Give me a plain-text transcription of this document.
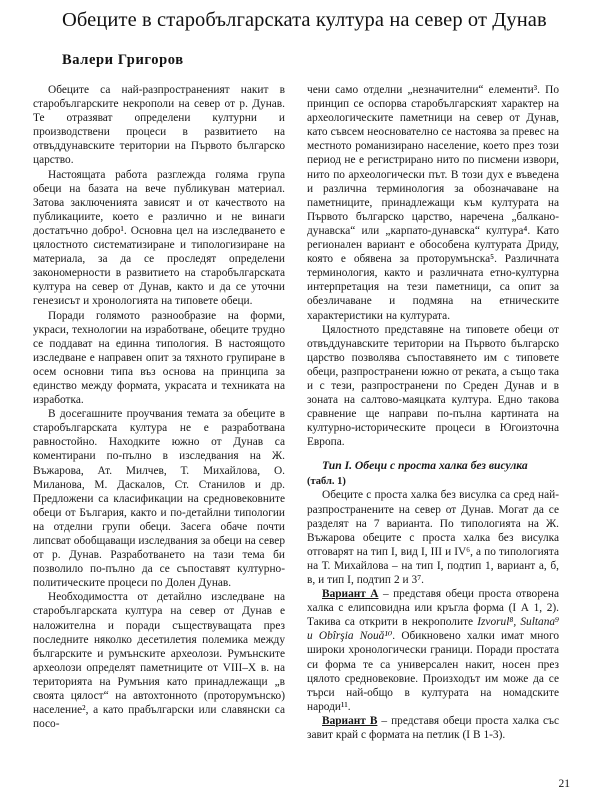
Обеците в старобългарската култура на север от Дунав
Валери Григоров

Обеците са най-разпространеният накит в старобългарските некрополи на север от р. Дунав. Те отразяват определени културни и производствени процеси в развитието на отвъддунавските територии на Първото българско царство.

Настоящата работа разглежда голяма група обеци на базата на вече публикуван материал. Затова заключенията зависят и от качеството на публикациите, което е различно и не винаги достатъчно добро¹. Основна цел на изследването е цялостното систематизиране и типологизиране на материала, за да се проследят определени закономерности в развитието на старобългарската култура на север от Дунав, както и да се уточни генезисът и хронологията на типовете обеци.

Поради голямото разнообразие на форми, украси, технологии на изработване, обеците трудно се поддават на единна типология. В настоящото изследване е направен опит за тяхното групиране в осем основни типа въз основа на принципа за единство между формата, украсата и техниката на изработка.

В досегашните проучвания темата за обеците в старобългарската култура не е разработвана равностойно. Находките южно от Дунав са коментирани по-пълно в изследвания на Ж. Въжарова, Ат. Милчев, Т. Михайлова, О. Миланова, М. Даскалов, Ст. Станилов и др. Предложени са класификации на средновековните обеци от България, както и по-детайлни типологии на отделни групи обеци. Засега обаче почти липсват обобщаващи изследвания за обеци на север от р. Дунав. Разработването на тази тема би позволило по-пълно да се съпоставят културно-политическите процеси по Долен Дунав.

Необходимостта от детайлно изследване на старобългарската култура на север от Дунав е наложителна и поради съществуващата през последните няколко десетилетия полемика между българските и румънските археолози. Румънските археолози определят паметниците от VIII–X в. на територията на Румъния като принадлежащи „в своята цялост“ на автохтонното (проторумънско) население², а като прабългарски или славянски са посо-

чени само отделни „незначителни“ елементи³. По принцип се оспорва старобългарският характер на археологическите паметници на север от Дунав, като съвсем неоснователно се настоява за превес на местното романизирано население, което през този период не е регистрирано нито по писмени извори, нито по археологически път. В този дух е въведена и различна терминология за обозначаване на паметниците, принадлежащи към културата на Първото българско царство, наречена „балкано-дунавска“ или „карпато-дунавска“ култура⁴. Като регионален вариант е обособена културата Дриду, която е обявена за проторумънска⁵. Различната терминология, както и различната етно-културна интерпретация на тези паметници, са опит за обезличаване и подмяна на етническите характеристики на културата.

Цялостното представяне на типовете обеци от отвъддунавските територии на Първото българско царство позволява съпоставянето им с типовете обеци, разпространени южно от реката, а също така и с тези, разпространени по Среден Дунав и в зоната на салтово-маяцката култура. Едно такова сравнение ще направи по-пълна картината на културно-историческите процеси в Югоизточна Европа.

Тип I. Обеци с проста халка без висулка
(табл. 1)

Обеците с проста халка без висулка са сред най-разпространените на север от Дунав. Могат да се разделят на 7 варианта. По типологията на Ж. Въжарова обеците с проста халка без висулка отговарят на тип I, вид I, III и IV⁶, а по типологията на Т. Михайлова – на тип I, подтип 1, вариант а, б, в, и тип I, подтип 2 и 3⁷.

Вариант А – представя обеци проста отворена халка с елипсовидна или кръгла форма (I А 1, 2). Такива са открити в некрополите Izvorul⁸, Sultana⁹ и Obîrşia Nouă¹⁰. Обикновено халки имат много широки хронологически граници. Поради простата си форма те са универсален накит, носен през цялото средновековие. Произходът им може да се търси най-общо в културата на номадските народи¹¹.

Вариант В – представя обеци проста халка със завит край с формата на петлик (I В 1-3).

21
